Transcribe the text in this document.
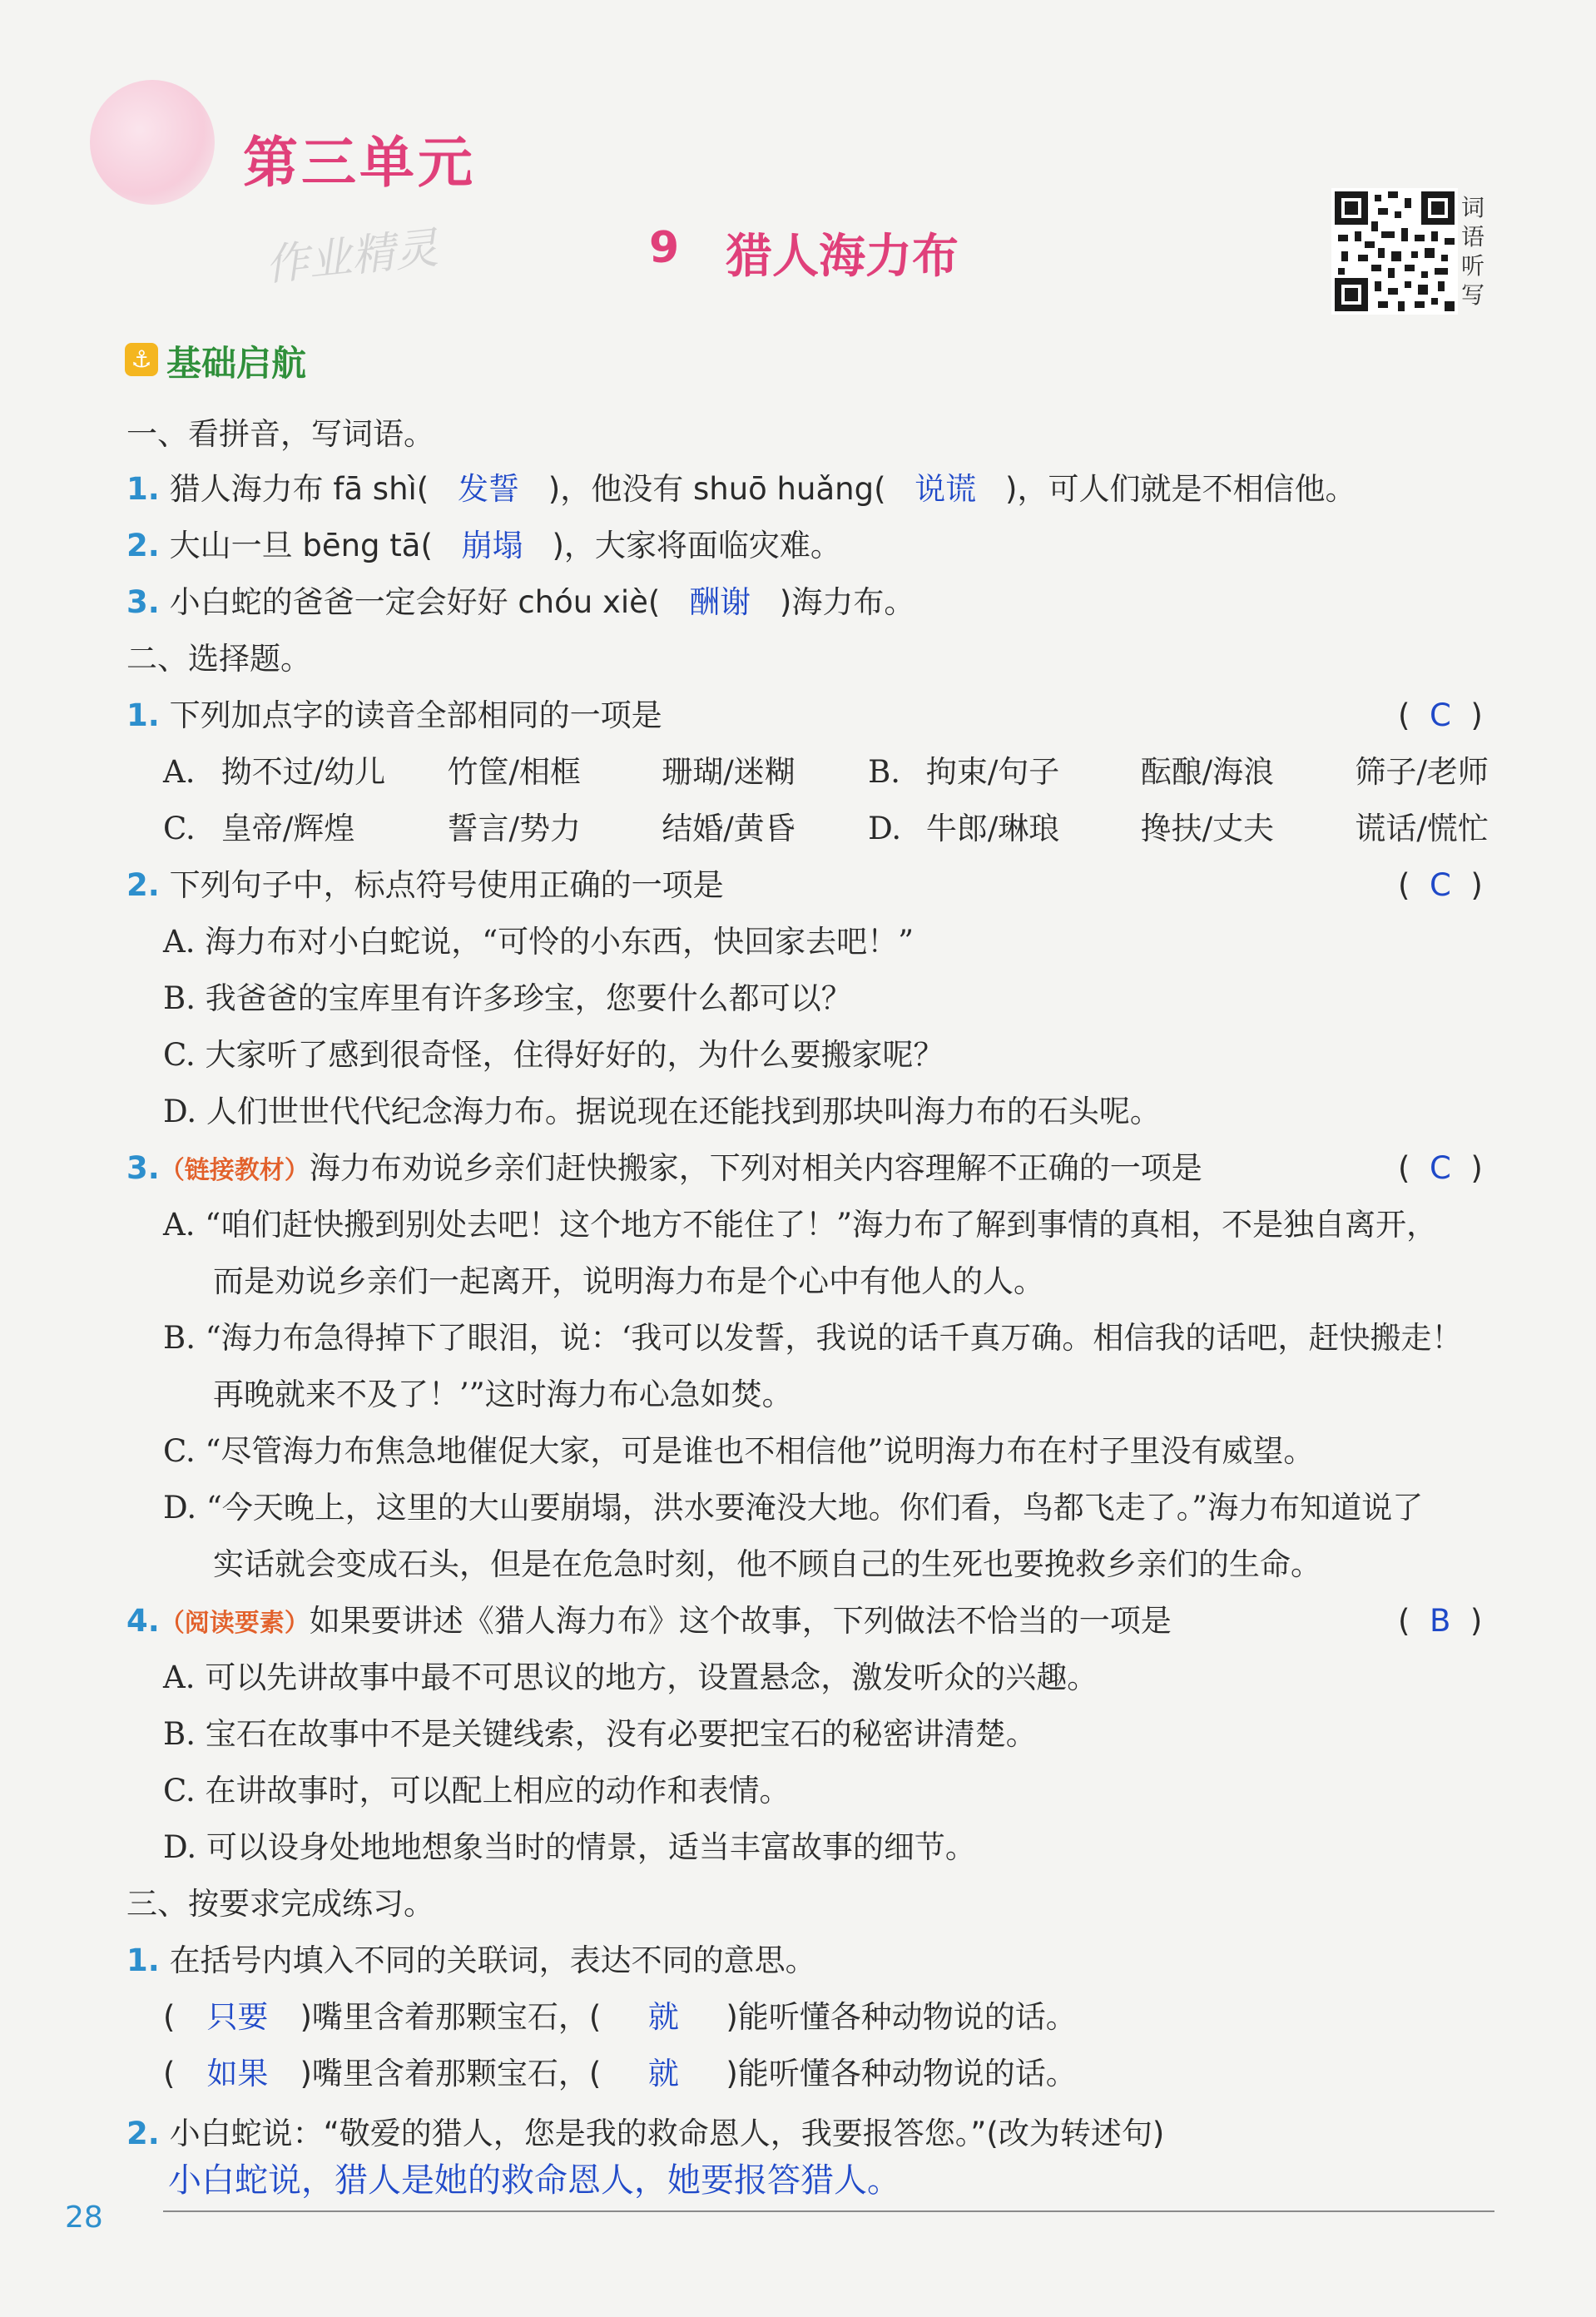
第三单元
作业精灵	9 猎人海力布
词语听写
⚓ 基础启航
一、看拼音，写词语。
1. 猎人海力布 fā shì( 发誓 )，他没有 shuō huǎng( 说谎 )，可人们就是不相信他。
2. 大山一旦 bēng tā( 崩塌 )，大家将面临灾难。
3. 小白蛇的爸爸一定会好好 chóu xiè( 酬谢 )海力布。
二、选择题。
1. 下列加点字的读音全部相同的一项是	(  C  )
A. 拗不过/幼儿 竹筐/相框	珊瑚/迷糊 B. 拘束/句子	酝酿/海浪	筛子/老师
C. 皇帝/辉煌	誓言/势力	结婚/黄昏 D. 牛郎/琳琅	搀扶/丈夫	谎话/慌忙
2. 下列句子中，标点符号使用正确的一项是	(  C  )
A. 海力布对小白蛇说，“可怜的小东西，快回家去吧！”
B. 我爸爸的宝库里有许多珍宝，您要什么都可以？
C. 大家听了感到很奇怪，住得好好的，为什么要搬家呢？
D. 人们世世代代纪念海力布。据说现在还能找到那块叫海力布的石头呢。
3.（链接教材）海力布劝说乡亲们赶快搬家，下列对相关内容理解不正确的一项是	(  C  )
A. “咱们赶快搬到别处去吧！这个地方不能住了！”海力布了解到事情的真相，不是独自离开，
而是劝说乡亲们一起离开，说明海力布是个心中有他人的人。
B. “海力布急得掉下了眼泪，说：‘我可以发誓，我说的话千真万确。相信我的话吧，赶快搬走！
再晚就来不及了！’”这时海力布心急如焚。
C. “尽管海力布焦急地催促大家，可是谁也不相信他”说明海力布在村子里没有威望。
D. “今天晚上，这里的大山要崩塌，洪水要淹没大地。你们看，鸟都飞走了。”海力布知道说了
实话就会变成石头，但是在危急时刻，他不顾自己的生死也要挽救乡亲们的生命。
4.（阅读要素）如果要讲述《猎人海力布》这个故事，下列做法不恰当的一项是	(  B  )
A. 可以先讲故事中最不可思议的地方，设置悬念，激发听众的兴趣。
B. 宝石在故事中不是关键线索，没有必要把宝石的秘密讲清楚。
C. 在讲故事时，可以配上相应的动作和表情。
D. 可以设身处地地想象当时的情景，适当丰富故事的细节。
三、按要求完成练习。
1. 在括号内填入不同的关联词，表达不同的意思。
( 只要 )嘴里含着那颗宝石，( 就 )能听懂各种动物说的话。
( 如果 )嘴里含着那颗宝石，( 就 )能听懂各种动物说的话。
2. 小白蛇说：“敬爱的猎人，您是我的救命恩人，我要报答您。”(改为转述句)
小白蛇说，猎人是她的救命恩人，她要报答猎人。
28
